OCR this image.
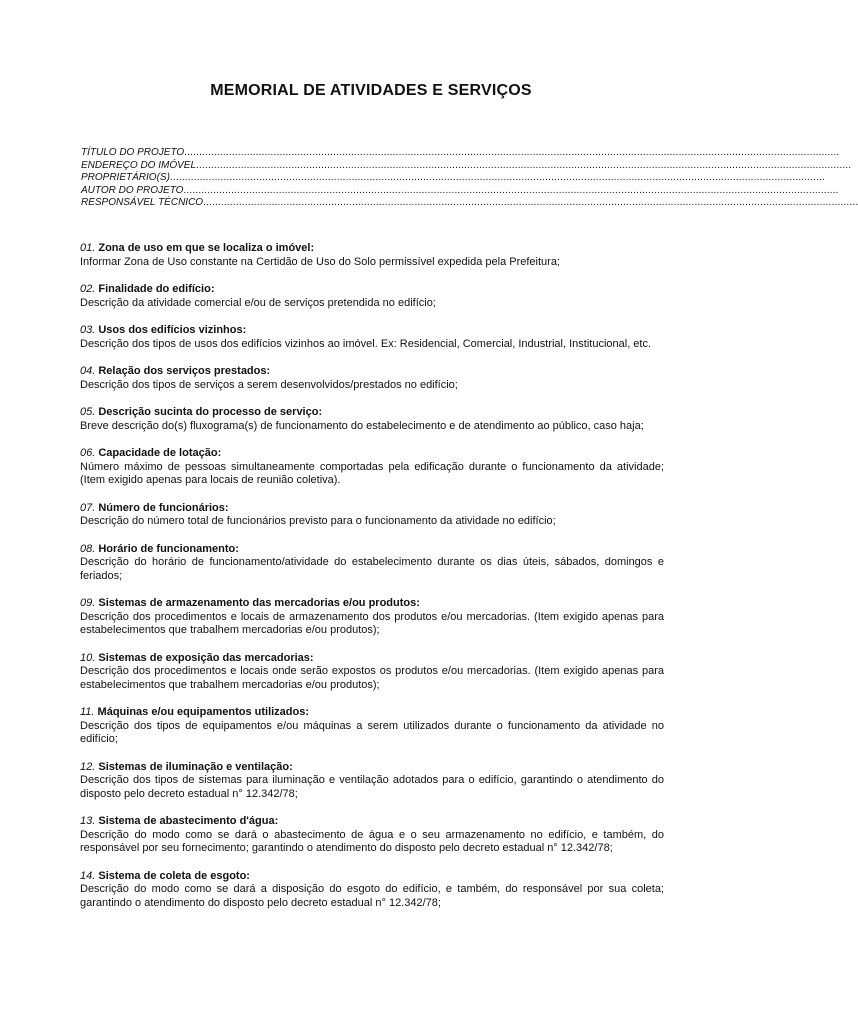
MEMORIAL DE ATIVIDADES E SERVIÇOS
TÍTULO DO PROJETO ............................................................................................................................................................................................................................
ENDEREÇO DO IMÓVEL ............................................................................................................................................................................................................................
PROPRIETÁRIO(S) ............................................................................................................................................................................................................................
AUTOR DO PROJETO ............................................................................................................................................................................................................................
RESPONSÁVEL TÉCNICO ............................................................................................................................................................................................................................
01. Zona de uso em que se localiza o imóvel:
Informar Zona de Uso constante na Certidão de Uso do Solo permissível expedida pela Prefeitura;
02. Finalidade do edifício:
Descrição da atividade comercial e/ou de serviços pretendida no edifício;
03. Usos dos edifícios vizinhos:
Descrição dos tipos de usos dos edifícios vizinhos ao imóvel. Ex: Residencial, Comercial, Industrial, Institucional, etc.
04. Relação dos serviços prestados:
Descrição dos tipos de serviços a serem desenvolvidos/prestados no edifício;
05. Descrição sucinta do processo de serviço:
Breve descrição do(s) fluxograma(s) de funcionamento do estabelecimento e de atendimento ao público, caso haja;
06. Capacidade de lotação:
Número máximo de pessoas simultaneamente comportadas pela edificação durante o funcionamento da atividade; (Item exigido apenas para locais de reunião coletiva).
07. Número de funcionários:
Descrição do número total de funcionários previsto para o funcionamento da atividade no edifício;
08. Horário de funcionamento:
Descrição do horário de funcionamento/atividade do estabelecimento durante os dias úteis, sábados, domingos e feriados;
09. Sistemas de armazenamento das mercadorias e/ou produtos:
Descrição dos procedimentos e locais de armazenamento dos produtos e/ou mercadorias. (Item exigido apenas para estabelecimentos que trabalhem mercadorias e/ou produtos);
10. Sistemas de exposição das mercadorias:
Descrição dos procedimentos e locais onde serão expostos os produtos e/ou mercadorias. (Item exigido apenas para estabelecimentos que trabalhem mercadorias e/ou produtos);
11. Máquinas e/ou equipamentos utilizados:
Descrição dos tipos de equipamentos e/ou máquinas a serem utilizados durante o funcionamento da atividade no edifício;
12. Sistemas de iluminação e ventilação:
Descrição dos tipos de sistemas para iluminação e ventilação adotados para o edifício, garantindo o atendimento do disposto pelo decreto estadual n° 12.342/78;
13. Sistema de abastecimento d'água:
Descrição do modo como se dará o abastecimento de água e o seu armazenamento no edifício, e também, do responsável por seu fornecimento; garantindo o atendimento do disposto pelo decreto estadual n° 12.342/78;
14. Sistema de coleta de esgoto:
Descrição do modo como se dará a disposição do esgoto do edifício, e também, do responsável por sua coleta; garantindo o atendimento do disposto pelo decreto estadual n° 12.342/78;
